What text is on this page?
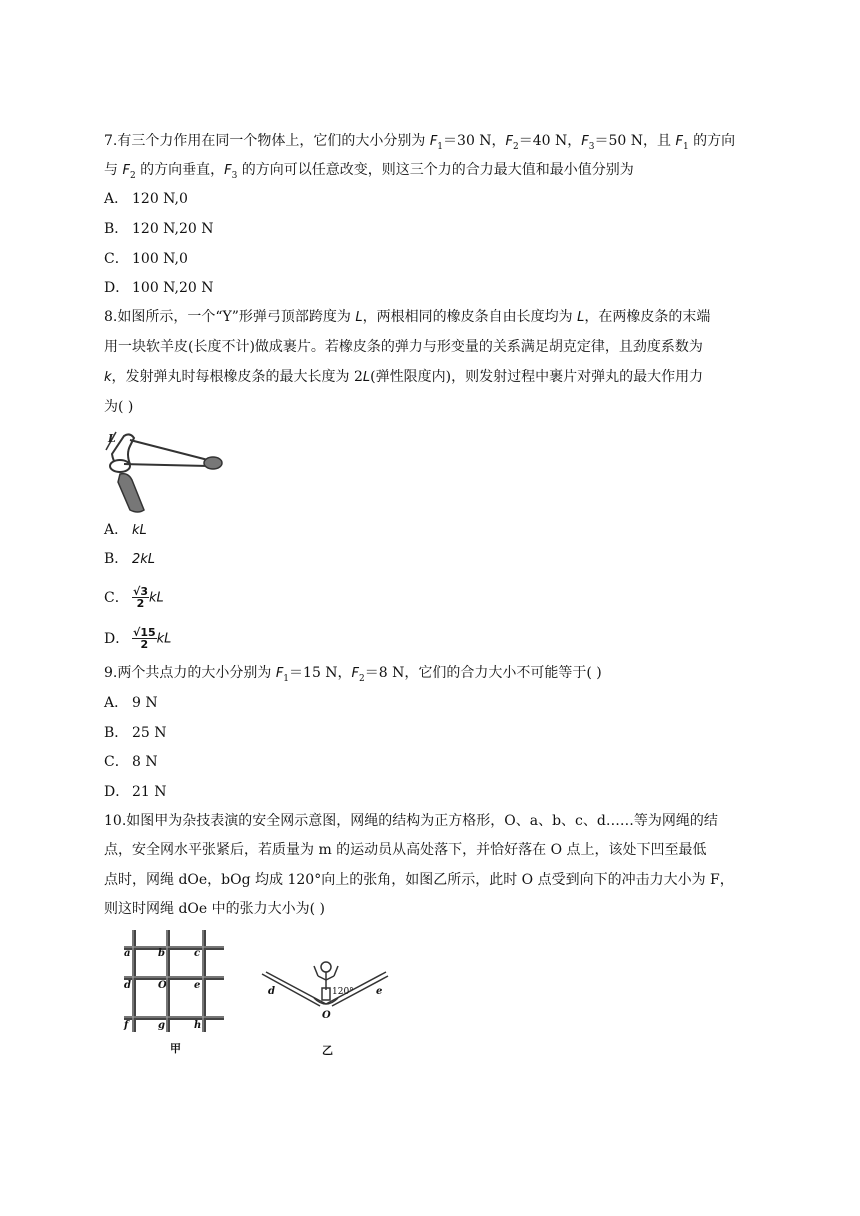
7.有三个力作用在同一个物体上，它们的大小分别为 $F_1=30$ N，$F_2=40$ N，$F_3=50$ N，且 $F_1$ 的方向
与 $F_2$ 的方向垂直，$F_3$ 的方向可以任意改变，则这三个力的合力最大值和最小值分别为
A． 120 N,0
B． 120 N,20 N
C． 100 N,0
D． 100 N,20 N
8.如图所示，一个“Y”形弹弓顶部跨度为 L，两根相同的橡皮条自由长度均为 L，在两橡皮条的末端
用一块软羊皮(长度不计)做成裹片。若橡皮条的弹力与形变量的关系满足胡克定律，且劲度系数为
k，发射弹丸时每根橡皮条的最大长度为 2L(弹性限度内)，则发射过程中裹片对弹丸的最大作用力
为( )
L
A． kL
B． 2kL
C． $\frac{√3}{2}$ kL
D． $\frac{√15}{2}$ kL
9.两个共点力的大小分别为 $F_1=15$ N，$F_2=8$ N，它们的合力大小不可能等于( )
A． 9 N
B． 25 N
C． 8 N
D． 21 N
10.如图甲为杂技表演的安全网示意图，网绳的结构为正方格形，O、a、b、c、d……等为网绳的结
点，安全网水平张紧后，若质量为 m 的运动员从高处落下，并恰好落在 O 点上，该处下凹至最低
点时，网绳 dOe，bOg 均成 120°向上的张角，如图乙所示，此时 O 点受到向下的冲击力大小为 F，
则这时网绳 dOe 中的张力大小为( )
a	b	c
d	O	e
f	g	h
甲
d	e
O
120°
乙
